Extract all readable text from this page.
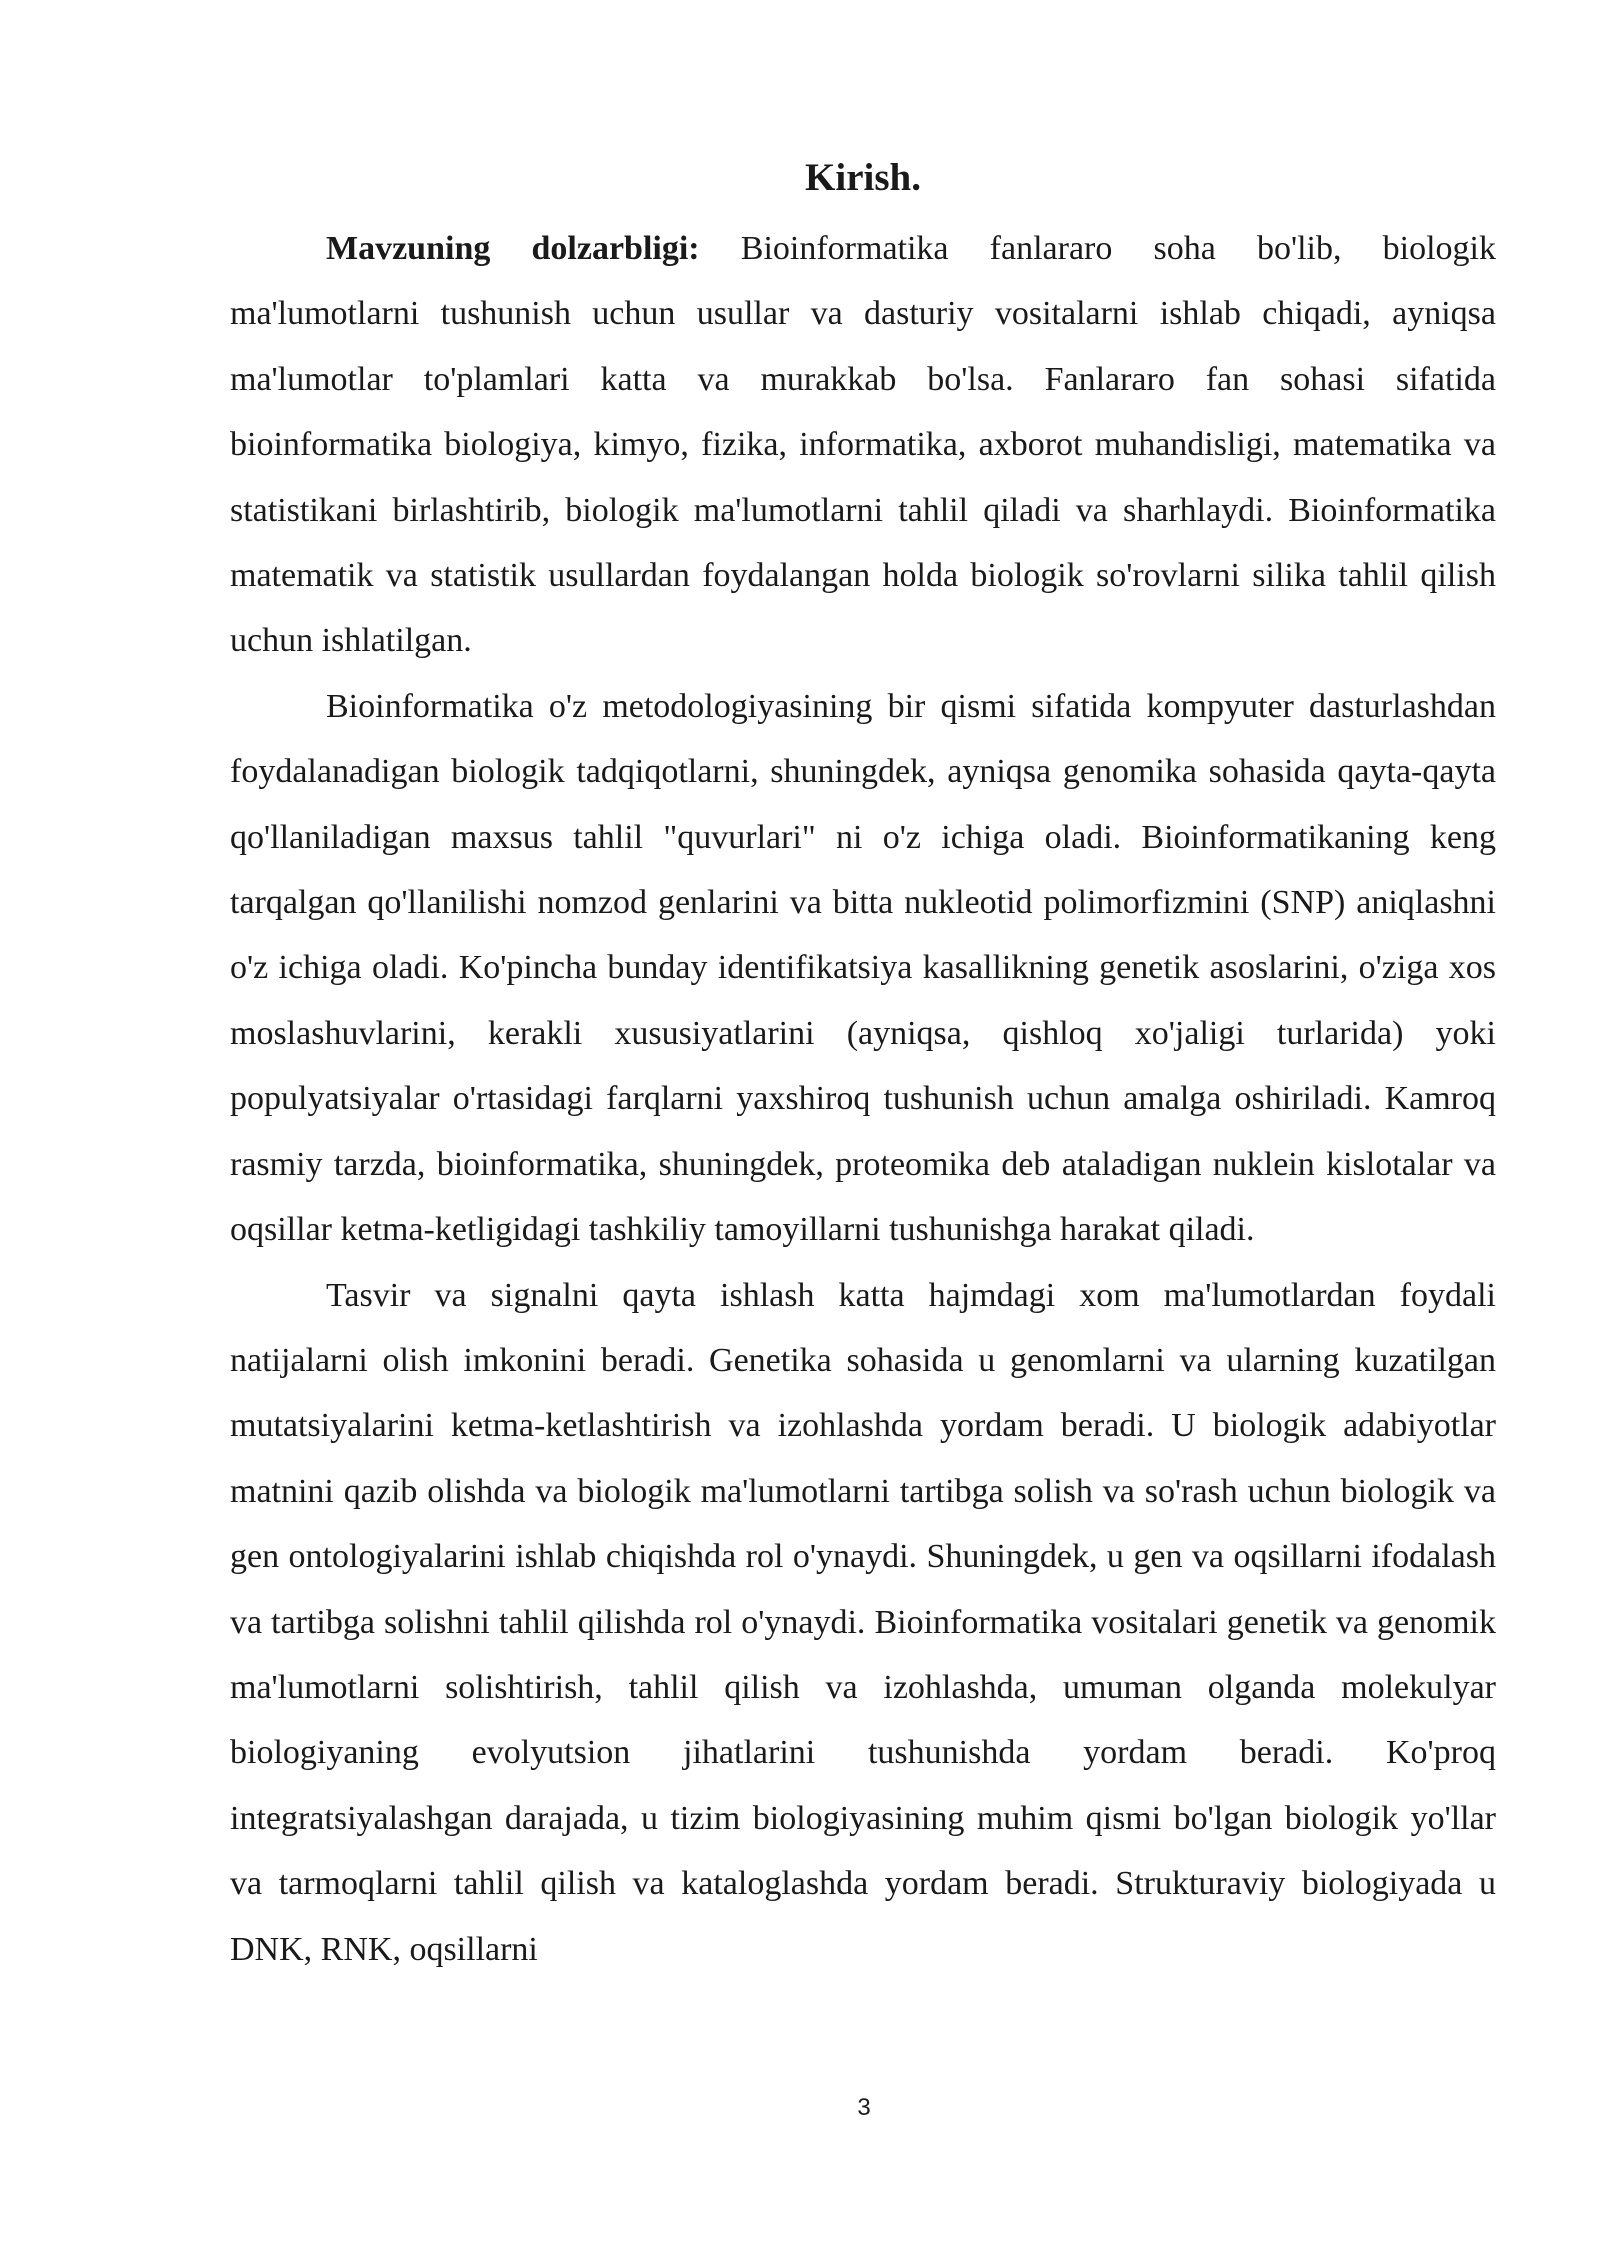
Kirish.

Mavzuning dolzarbligi: Bioinformatika fanlararo soha bo'lib, biologik ma'lumotlarni tushunish uchun usullar va dasturiy vositalarni ishlab chiqadi, ayniqsa ma'lumotlar to'plamlari katta va murakkab bo'lsa. Fanlararo fan sohasi sifatida bioinformatika biologiya, kimyo, fizika, informatika, axborot muhandisligi, matematika va statistikani birlashtirib, biologik ma'lumotlarni tahlil qiladi va sharhlaydi. Bioinformatika matematik va statistik usullardan foydalangan holda biologik so'rovlarni silika tahlil qilish uchun ishlatilgan.

Bioinformatika o'z metodologiyasining bir qismi sifatida kompyuter dasturlashdan foydalanadigan biologik tadqiqotlarni, shuningdek, ayniqsa genomika sohasida qayta-qayta qo'llaniladigan maxsus tahlil "quvurlari" ni o'z ichiga oladi. Bioinformatikaning keng tarqalgan qo'llanilishi nomzod genlarini va bitta nukleotid polimorfizmini (SNP) aniqlashni o'z ichiga oladi. Ko'pincha bunday identifikatsiya kasallikning genetik asoslarini, o'ziga xos moslashuvlarini, kerakli xususiyatlarini (ayniqsa, qishloq xo'jaligi turlarida) yoki populyatsiyalar o'rtasidagi farqlarni yaxshiroq tushunish uchun amalga oshiriladi. Kamroq rasmiy tarzda, bioinformatika, shuningdek, proteomika deb ataladigan nuklein kislotalar va oqsillar ketma-ketligidagi tashkiliy tamoyillarni tushunishga harakat qiladi.

Tasvir va signalni qayta ishlash katta hajmdagi xom ma'lumotlardan foydali natijalarni olish imkonini beradi. Genetika sohasida u genomlarni va ularning kuzatilgan mutatsiyalarini ketma-ketlashtirish va izohlashda yordam beradi. U biologik adabiyotlar matnini qazib olishda va biologik ma'lumotlarni tartibga solish va so'rash uchun biologik va gen ontologiyalarini ishlab chiqishda rol o'ynaydi. Shuningdek, u gen va oqsillarni ifodalash va tartibga solishni tahlil qilishda rol o'ynaydi. Bioinformatika vositalari genetik va genomik ma'lumotlarni solishtirish, tahlil qilish va izohlashda, umuman olganda molekulyar biologiyaning evolyutsion jihatlarini tushunishda yordam beradi. Ko'proq integratsiyalashgan darajada, u tizim biologiyasining muhim qismi bo'lgan biologik yo'llar va tarmoqlarni tahlil qilish va kataloglashda yordam beradi. Strukturaviy biologiyada u DNK, RNK, oqsillarni

3
